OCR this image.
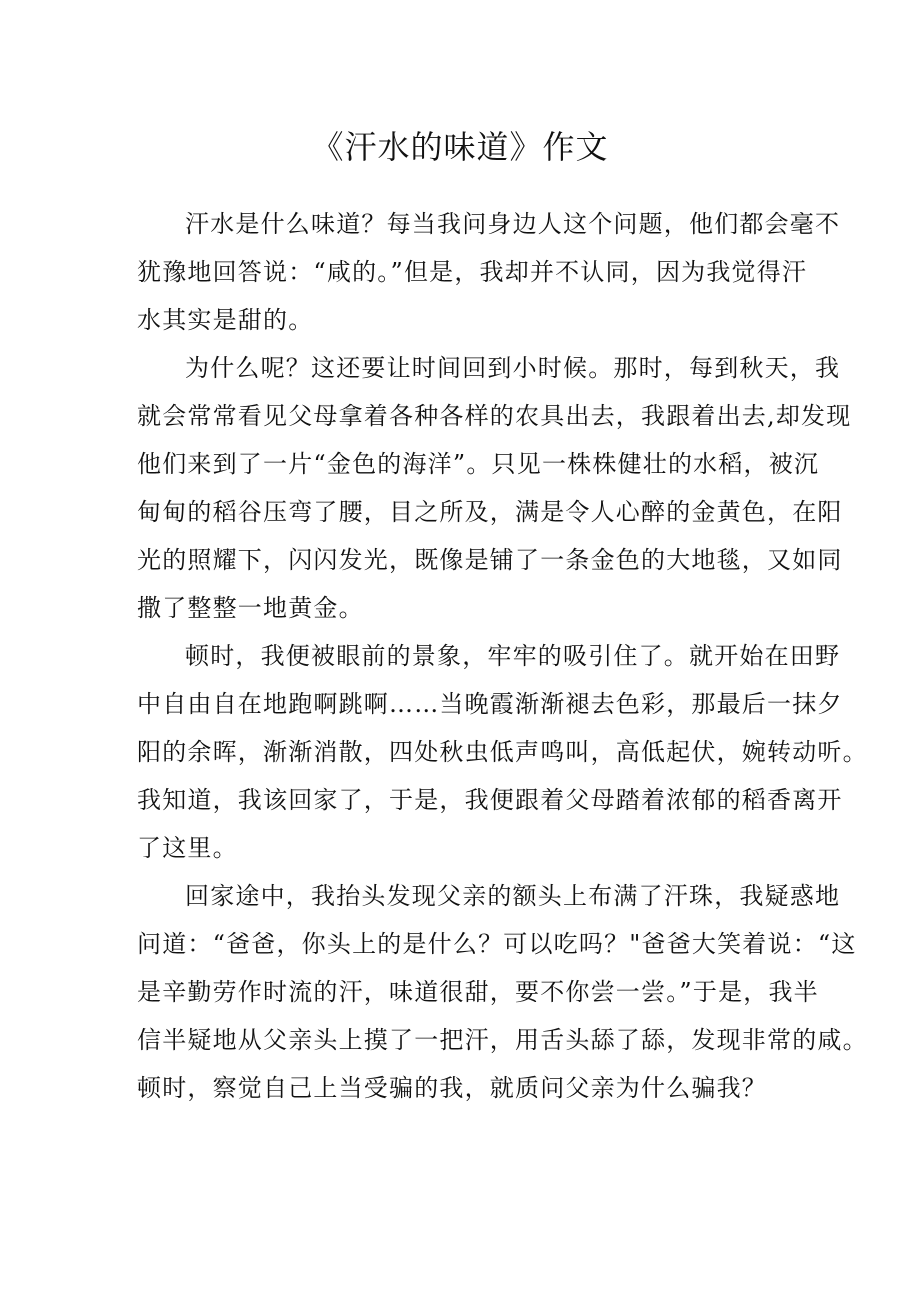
《汗水的味道》作文
汗水是什么味道？每当我问身边人这个问题，他们都会毫不
犹豫地回答说：“咸的。”但是，我却并不认同，因为我觉得汗
水其实是甜的。
为什么呢？这还要让时间回到小时候。那时，每到秋天，我
就会常常看见父母拿着各种各样的农具出去，我跟着出去,却发现
他们来到了一片“金色的海洋”。只见一株株健壮的水稻，被沉
甸甸的稻谷压弯了腰，目之所及，满是令人心醉的金黄色，在阳
光的照耀下，闪闪发光，既像是铺了一条金色的大地毯，又如同
撒了整整一地黄金。
顿时，我便被眼前的景象，牢牢的吸引住了。就开始在田野
中自由自在地跑啊跳啊……当晚霞渐渐褪去色彩，那最后一抹夕
阳的余晖，渐渐消散，四处秋虫低声鸣叫，高低起伏，婉转动听。
我知道，我该回家了，于是，我便跟着父母踏着浓郁的稻香离开
了这里。
回家途中，我抬头发现父亲的额头上布满了汗珠，我疑惑地
问道：“爸爸，你头上的是什么？可以吃吗？"爸爸大笑着说：“这
是辛勤劳作时流的汗，味道很甜，要不你尝一尝。”于是，我半
信半疑地从父亲头上摸了一把汗，用舌头舔了舔，发现非常的咸。
顿时，察觉自己上当受骗的我，就质问父亲为什么骗我？
